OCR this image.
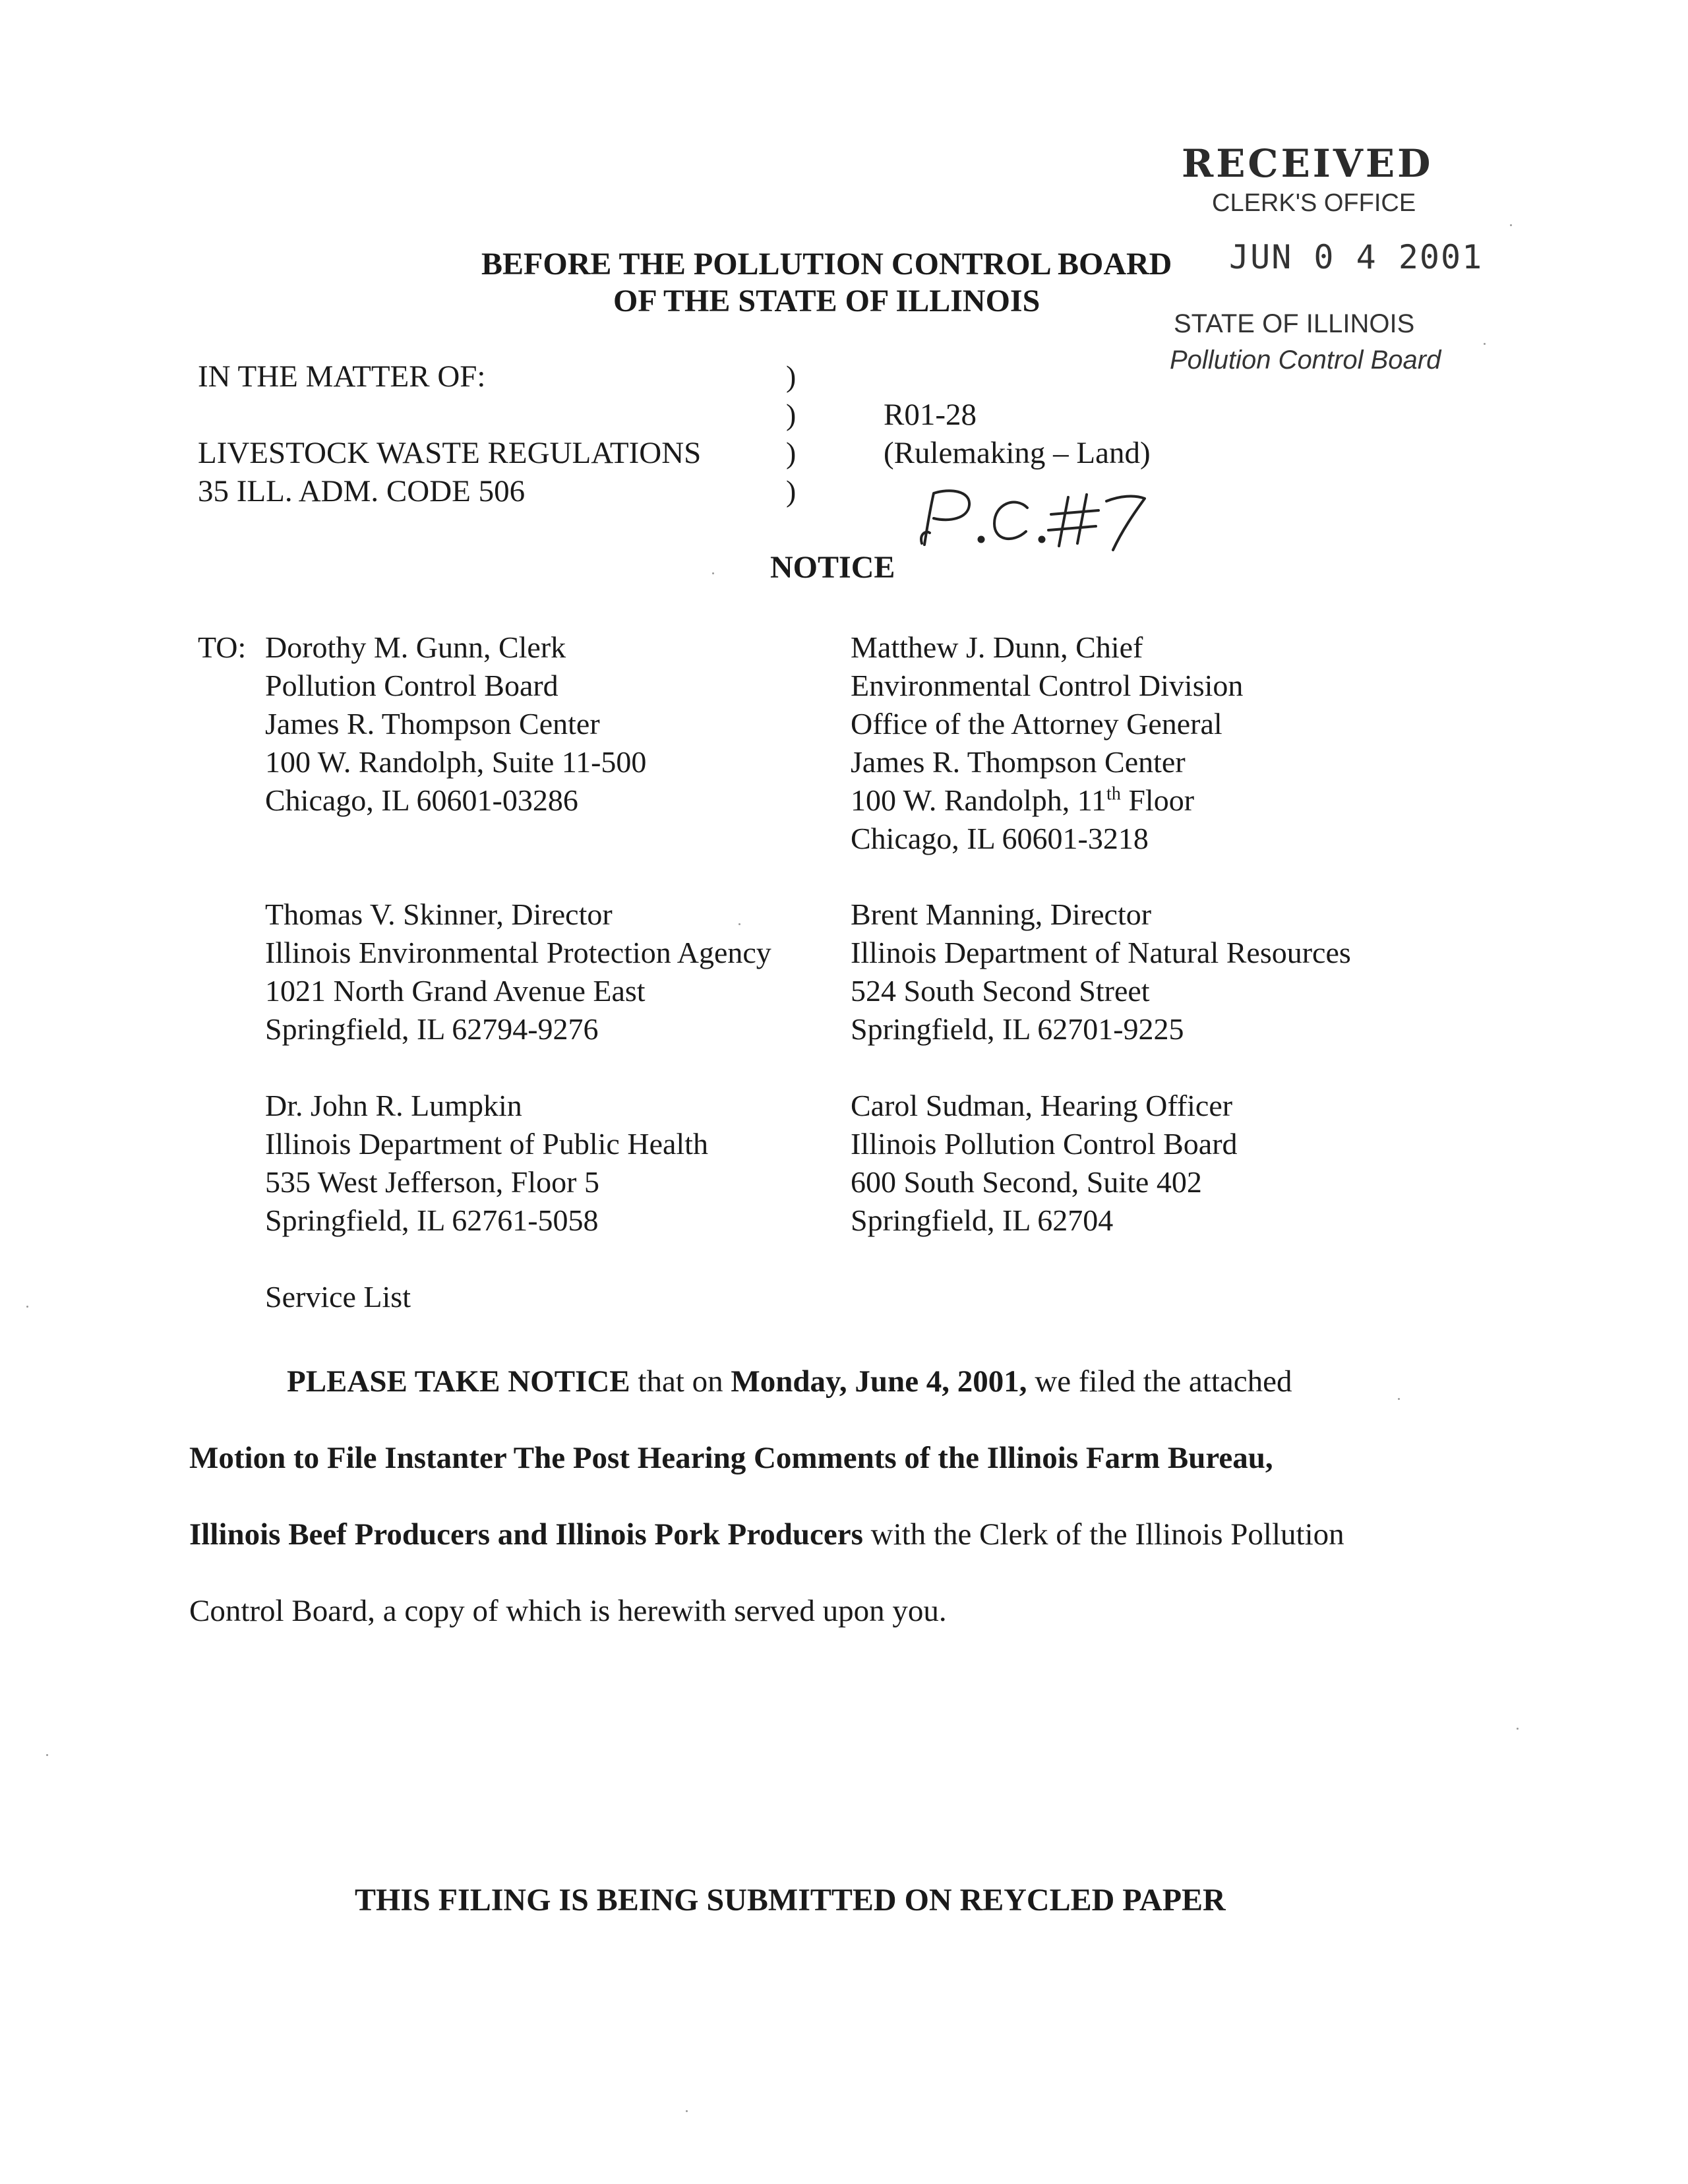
RECEIVED
CLERK'S OFFICE
JUN 0 4 2001
STATE OF ILLINOIS
Pollution Control Board
BEFORE THE POLLUTION CONTROL BOARD
OF THE STATE OF ILLINOIS
IN THE MATTER OF:
LIVESTOCK WASTE REGULATIONS
35 ILL. ADM. CODE 506
)
)
)
)
R01-28
(Rulemaking – Land)
NOTICE
TO: Dorothy M. Gunn, Clerk
Pollution Control Board
James R. Thompson Center
100 W. Randolph, Suite 11-500
Chicago, IL 60601-03286
Thomas V. Skinner, Director
Illinois Environmental Protection Agency
1021 North Grand Avenue East
Springfield, IL 62794-9276
Dr. John R. Lumpkin
Illinois Department of Public Health
535 West Jefferson, Floor 5
Springfield, IL 62761-5058
Matthew J. Dunn, Chief
Environmental Control Division
Office of the Attorney General
James R. Thompson Center
100 W. Randolph, 11th Floor
Chicago, IL 60601-3218
Brent Manning, Director
Illinois Department of Natural Resources
524 South Second Street
Springfield, IL 62701-9225
Carol Sudman, Hearing Officer
Illinois Pollution Control Board
600 South Second, Suite 402
Springfield, IL 62704
Service List

PLEASE TAKE NOTICE that on Monday, June 4, 2001, we filed the attached

Motion to File Instanter The Post Hearing Comments of the Illinois Farm Bureau,

Illinois Beef Producers and Illinois Pork Producers with the Clerk of the Illinois Pollution

Control Board, a copy of which is herewith served upon you.

THIS FILING IS BEING SUBMITTED ON REYCLED PAPER
